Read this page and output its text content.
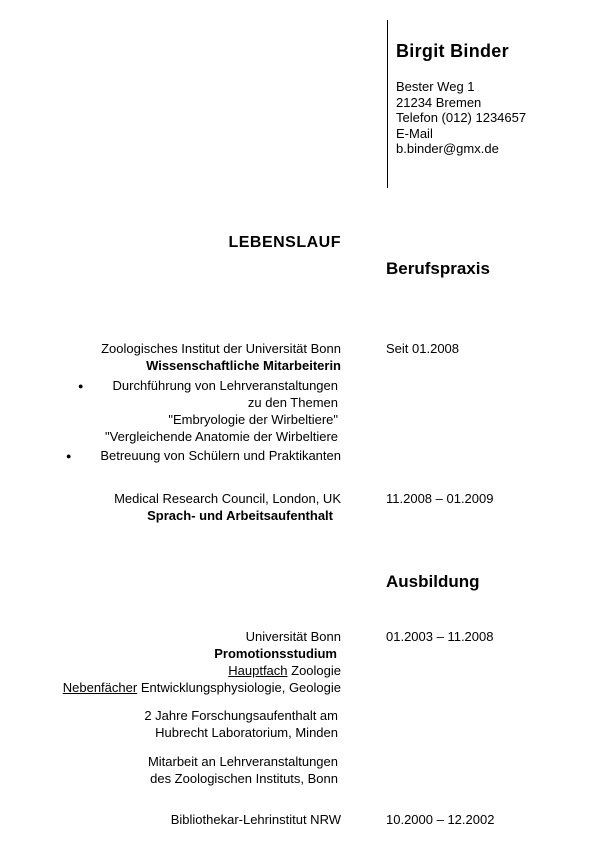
Birgit Binder
Bester Weg 1
21234 Bremen
Telefon (012) 1234657
E-Mail
b.binder@gmx.de
LEBENSLAUF
Berufspraxis
Zoologisches Institut der Universität Bonn
Wissenschaftliche Mitarbeiterin
Seit 01.2008
●	Durchführung von Lehrveranstaltungen
zu den Themen
"Embryologie der Wirbeltiere"
"Vergleichende Anatomie der Wirbeltiere
● Betreuung von Schülern und Praktikanten
Medical Research Council, London, UK
Sprach- und Arbeitsaufenthalt
11.2008 – 01.2009
Ausbildung
Universität Bonn
Promotionsstudium
Hauptfach Zoologie
Nebenfächer Entwicklungsphysiologie, Geologie
01.2003 – 11.2008
2 Jahre Forschungsaufenthalt am
Hubrecht Laboratorium, Minden
Mitarbeit an Lehrveranstaltungen
des Zoologischen Instituts, Bonn
Bibliothekar-Lehrinstitut NRW	10.2000 – 12.2002
